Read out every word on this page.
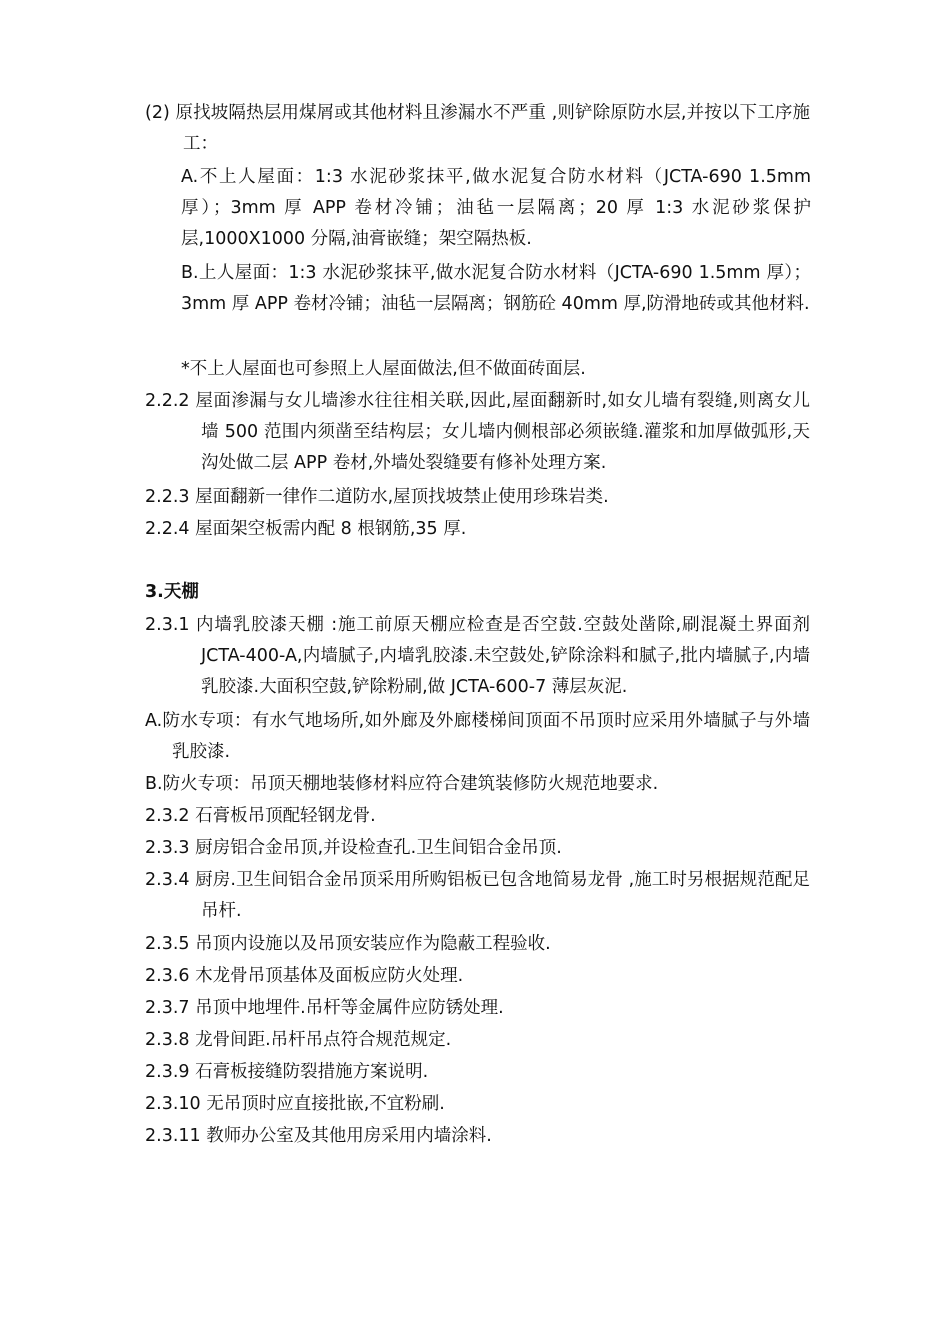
(2) 原找坡隔热层用煤屑或其他材料且渗漏水不严重 ,则铲除原防水层,并按以下工序施工：
A.不上人屋面：1:3 水泥砂浆抹平,做水泥复合防水材料（JCTA-690 1.5mm 厚）；3mm 厚 APP 卷材冷铺；油毡一层隔离；20 厚 1:3 水泥砂浆保护层,1000X1000 分隔,油膏嵌缝；架空隔热板.
B.上人屋面：1:3 水泥砂浆抹平,做水泥复合防水材料（JCTA-690 1.5mm 厚）；3mm 厚 APP 卷材冷铺；油毡一层隔离；钢筋砼 40mm 厚,防滑地砖或其他材料.
*不上人屋面也可参照上人屋面做法,但不做面砖面层.
2.2.2 屋面渗漏与女儿墙渗水往往相关联,因此,屋面翻新时,如女儿墙有裂缝,则离女儿墙 500 范围内须凿至结构层；女儿墙内侧根部必须嵌缝.灌浆和加厚做弧形,天沟处做二层 APP 卷材,外墙处裂缝要有修补处理方案.
2.2.3 屋面翻新一律作二道防水,屋顶找坡禁止使用珍珠岩类.
2.2.4 屋面架空板需内配 8 根钢筋,35 厚.
3.天棚
2.3.1 内墙乳胶漆天棚 :施工前原天棚应检查是否空鼓.空鼓处凿除,刷混凝土界面剂 JCTA-400-A,内墙腻子,内墙乳胶漆.未空鼓处,铲除涂料和腻子,批内墙腻子,内墙乳胶漆.大面积空鼓,铲除粉刷,做 JCTA-600-7 薄层灰泥.
A.防水专项：有水气地场所,如外廊及外廊楼梯间顶面不吊顶时应采用外墙腻子与外墙乳胶漆.
B.防火专项：吊顶天棚地装修材料应符合建筑装修防火规范地要求.
2.3.2 石膏板吊顶配轻钢龙骨.
2.3.3 厨房铝合金吊顶,并设检查孔.卫生间铝合金吊顶.
2.3.4 厨房.卫生间铝合金吊顶采用所购铝板已包含地简易龙骨 ,施工时另根据规范配足吊杆.
2.3.5 吊顶内设施以及吊顶安装应作为隐蔽工程验收.
2.3.6 木龙骨吊顶基体及面板应防火处理.
2.3.7 吊顶中地埋件.吊杆等金属件应防锈处理.
2.3.8 龙骨间距.吊杆吊点符合规范规定.
2.3.9 石膏板接缝防裂措施方案说明.
2.3.10 无吊顶时应直接批嵌,不宜粉刷.
2.3.11 教师办公室及其他用房采用内墙涂料.
